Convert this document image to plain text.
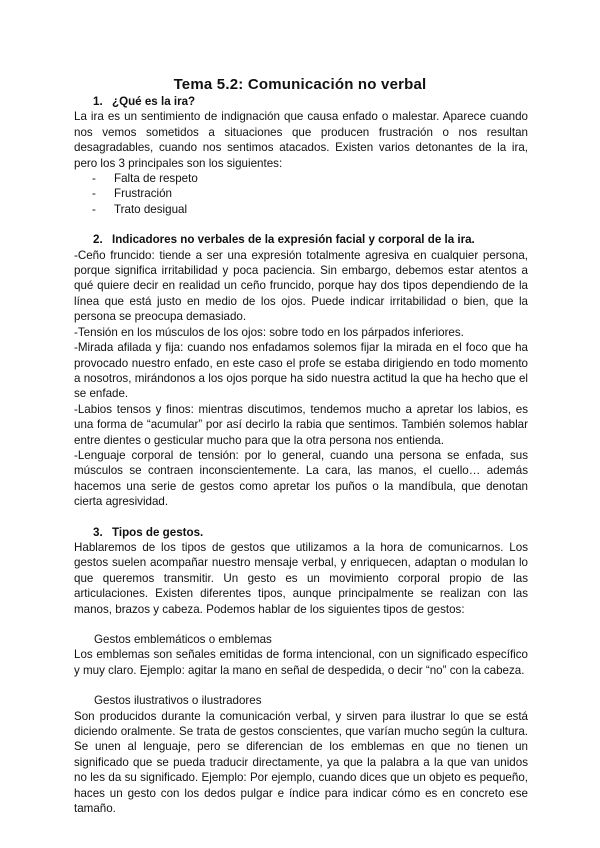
Tema 5.2: Comunicación no verbal
1. ¿Qué es la ira?

La ira es un sentimiento de indignación que causa enfado o malestar. Aparece cuando nos vemos sometidos a situaciones que producen frustración o nos resultan desagradables, cuando nos sentimos atacados. Existen varios detonantes de la ira, pero los 3 principales son los siguientes:

-	Falta de respeto
-	Frustración
-	Trato desigual
2. Indicadores no verbales de la expresión facial y corporal de la ira.

-Ceño fruncido: tiende a ser una expresión totalmente agresiva en cualquier persona, porque significa irritabilidad y poca paciencia. Sin embargo, debemos estar atentos a qué quiere decir en realidad un ceño fruncido, porque hay dos tipos dependiendo de la línea que está justo en medio de los ojos. Puede indicar irritabilidad o bien, que la persona se preocupa demasiado.

-Tensión en los músculos de los ojos: sobre todo en los párpados inferiores.

-Mirada afilada y fija: cuando nos enfadamos solemos fijar la mirada en el foco que ha provocado nuestro enfado, en este caso el profe se estaba dirigiendo en todo momento a nosotros, mirándonos a los ojos porque ha sido nuestra actitud la que ha hecho que el se enfade.

-Labios tensos y finos: mientras discutimos, tendemos mucho a apretar los labios, es una forma de “acumular” por así decirlo la rabia que sentimos. También solemos hablar entre dientes o gesticular mucho para que la otra persona nos entienda.

-Lenguaje corporal de tensión: por lo general, cuando una persona se enfada, sus músculos se contraen inconscientemente. La cara, las manos, el cuello… además hacemos una serie de gestos como apretar los puños o la mandíbula, que denotan cierta agresividad.

3. Tipos de gestos.

Hablaremos de los tipos de gestos que utilizamos a la hora de comunicarnos. Los gestos suelen acompañar nuestro mensaje verbal, y enriquecen, adaptan o modulan lo que queremos transmitir. Un gesto es un movimiento corporal propio de las articulaciones. Existen diferentes tipos, aunque principalmente se realizan con las manos, brazos y cabeza. Podemos hablar de los siguientes tipos de gestos:

Gestos emblemáticos o emblemas

Los emblemas son señales emitidas de forma intencional, con un significado específico y muy claro. Ejemplo: agitar la mano en señal de despedida, o decir “no” con la cabeza.

Gestos ilustrativos o ilustradores

Son producidos durante la comunicación verbal, y sirven para ilustrar lo que se está diciendo oralmente. Se trata de gestos conscientes, que varían mucho según la cultura. Se unen al lenguaje, pero se diferencian de los emblemas en que no tienen un significado que se pueda traducir directamente, ya que la palabra a la que van unidos no les da su significado. Ejemplo: Por ejemplo, cuando dices que un objeto es pequeño, haces un gesto con los dedos pulgar e índice para indicar cómo es en concreto ese tamaño.
